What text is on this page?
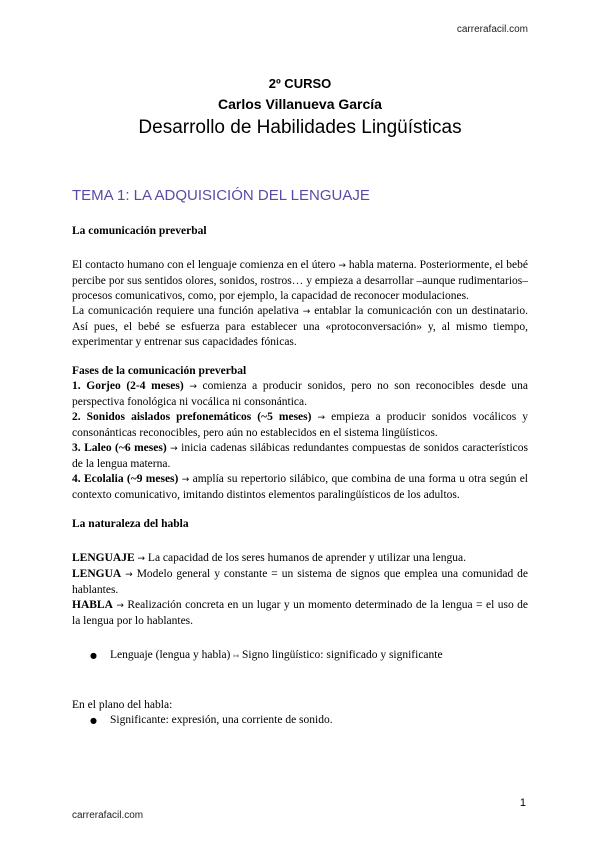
carrerafacil.com
2º CURSO
Carlos Villanueva García
Desarrollo de Habilidades Lingüísticas
TEMA 1: LA ADQUISICIÓN DEL LENGUAJE

La comunicación preverbal

El contacto humano con el lenguaje comienza en el útero → habla materna. Posteriormente, el bebé percibe por sus sentidos olores, sonidos, rostros… y empieza a desarrollar –aunque rudimentarios– procesos comunicativos, como, por ejemplo, la capacidad de reconocer modulaciones.

La comunicación requiere una función apelativa → entablar la comunicación con un destinatario. Así pues, el bebé se esfuerza para establecer una «protoconversación» y, al mismo tiempo, experimentar y entrenar sus capacidades fónicas.

Fases de la comunicación preverbal

1. Gorjeo (2-4 meses) → comienza a producir sonidos, pero no son reconocibles desde una perspectiva fonológica ni vocálica ni consonántica.

2. Sonidos aislados prefonemáticos (~5 meses) → empieza a producir sonidos vocálicos y consonánticas reconocibles, pero aún no establecidos en el sistema lingüísticos.

3. Laleo (~6 meses) → inicia cadenas silábicas redundantes compuestas de sonidos característicos de la lengua materna.

4. Ecolalia (~9 meses) → amplía su repertorio silábico, que combina de una forma u otra según el contexto comunicativo, imitando distintos elementos paralingüísticos de los adultos.

La naturaleza del habla

LENGUAJE → La capacidad de los seres humanos de aprender y utilizar una lengua.

LENGUA → Modelo general y constante = un sistema de signos que emplea una comunidad de hablantes.

HABLA → Realización concreta en un lugar y un momento determinado de la lengua = el uso de la lengua por lo hablantes.

●	Lenguaje (lengua y habla) ↦ Signo lingüístico: significado y significante

En el plano del habla:

●	Significante: expresión, una corriente de sonido.
1
carrerafacil.com
